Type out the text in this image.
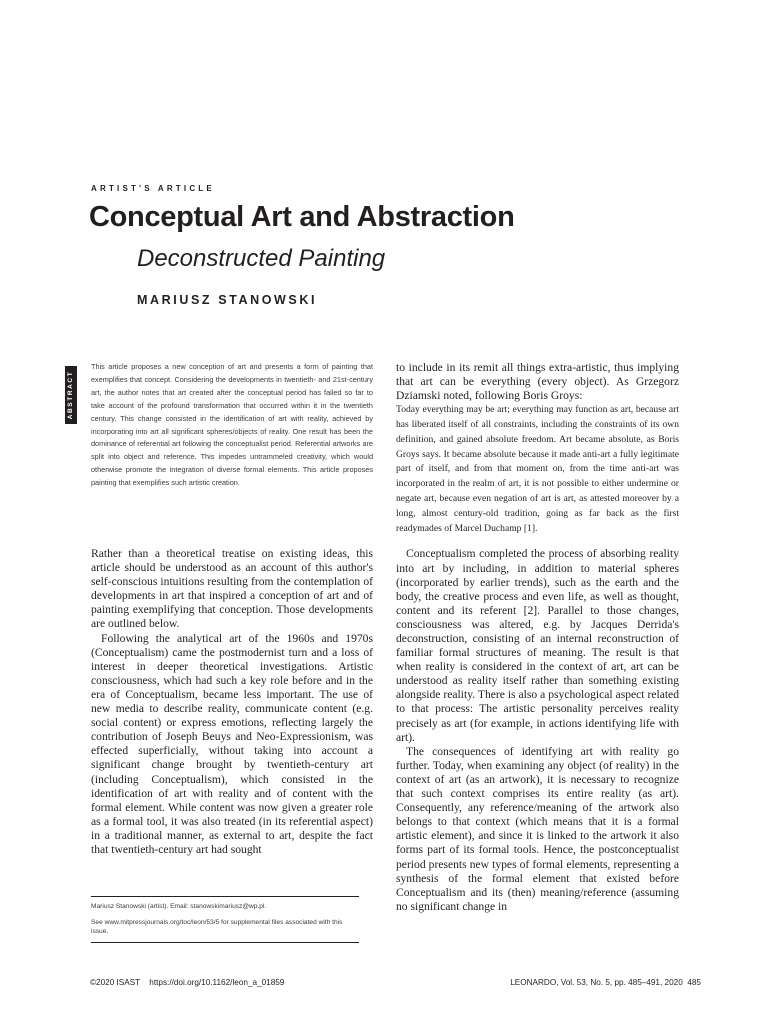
ARTIST'S ARTICLE
Conceptual Art and Abstraction
Deconstructed Painting
MARIUSZ STANOWSKI
ABSTRACT
This article proposes a new conception of art and presents a form of painting that exemplifies that concept. Considering the developments in twentieth- and 21st-century art, the author notes that art created after the conceptual period has failed so far to take account of the profound transformation that occurred within it in the twentieth century. This change consisted in the identification of art with reality, achieved by incorporating into art all significant spheres/objects of reality. One result has been the dominance of referential art following the conceptualist period. Referential artworks are split into object and reference. This impedes untrammeled creativity, which would otherwise promote the integration of diverse formal elements. This article proposes painting that exemplifies such artistic creation.

Rather than a theoretical treatise on existing ideas, this article should be understood as an account of this author's self-conscious intuitions resulting from the contemplation of developments in art that inspired a conception of art and of painting exemplifying that conception. Those developments are outlined below.

Following the analytical art of the 1960s and 1970s (Conceptualism) came the postmodernist turn and a loss of interest in deeper theoretical investigations. Artistic consciousness, which had such a key role before and in the era of Conceptualism, became less important. The use of new media to describe reality, communicate content (e.g. social content) or express emotions, reflecting largely the contribution of Joseph Beuys and Neo-Expressionism, was effected superficially, without taking into account a significant change brought by twentieth-century art (including Conceptualism), which consisted in the identification of art with reality and of content with the formal element. While content was now given a greater role as a formal tool, it was also treated (in its referential aspect) in a traditional manner, as external to art, despite the fact that twentieth-century art had sought

to include in its remit all things extra-artistic, thus implying that art can be everything (every object). As Grzegorz Dziamski noted, following Boris Groys:

Today everything may be art; everything may function as art, because art has liberated itself of all constraints, including the constraints of its own definition, and gained absolute freedom. Art became absolute, as Boris Groys says. It became absolute because it made anti-art a fully legitimate part of itself, and from that moment on, from the time anti-art was incorporated in the realm of art, it is not possible to either undermine or negate art, because even negation of art is art, as attested moreover by a long, almost century-old tradition, going as far back as the first readymades of Marcel Duchamp [1].

Conceptualism completed the process of absorbing reality into art by including, in addition to material spheres (incorporated by earlier trends), such as the earth and the body, the creative process and even life, as well as thought, content and its referent [2]. Parallel to those changes, consciousness was altered, e.g. by Jacques Derrida's deconstruction, consisting of an internal reconstruction of familiar formal structures of meaning. The result is that when reality is considered in the context of art, art can be understood as reality itself rather than something existing alongside reality. There is also a psychological aspect related to that process: The artistic personality perceives reality precisely as art (for example, in actions identifying life with art).

The consequences of identifying art with reality go further. Today, when examining any object (of reality) in the context of art (as an artwork), it is necessary to recognize that such context comprises its entire reality (as art). Consequently, any reference/meaning of the artwork also belongs to that context (which means that it is a formal artistic element), and since it is linked to the artwork it also forms part of its formal tools. Hence, the postconceptualist period presents new types of formal elements, representing a synthesis of the formal element that existed before Conceptualism and its (then) meaning/reference (assuming no significant change in

Mariusz Stanowski (artist). Email: stanowskimariusz@wp.pl.

See www.mitpressjournals.org/toc/leon/53/5 for supplemental files associated with this issue.

©2020 ISAST https://doi.org/10.1162/leon_a_01859	LEONARDO, Vol. 53, No. 5, pp. 485–491, 2020 485
